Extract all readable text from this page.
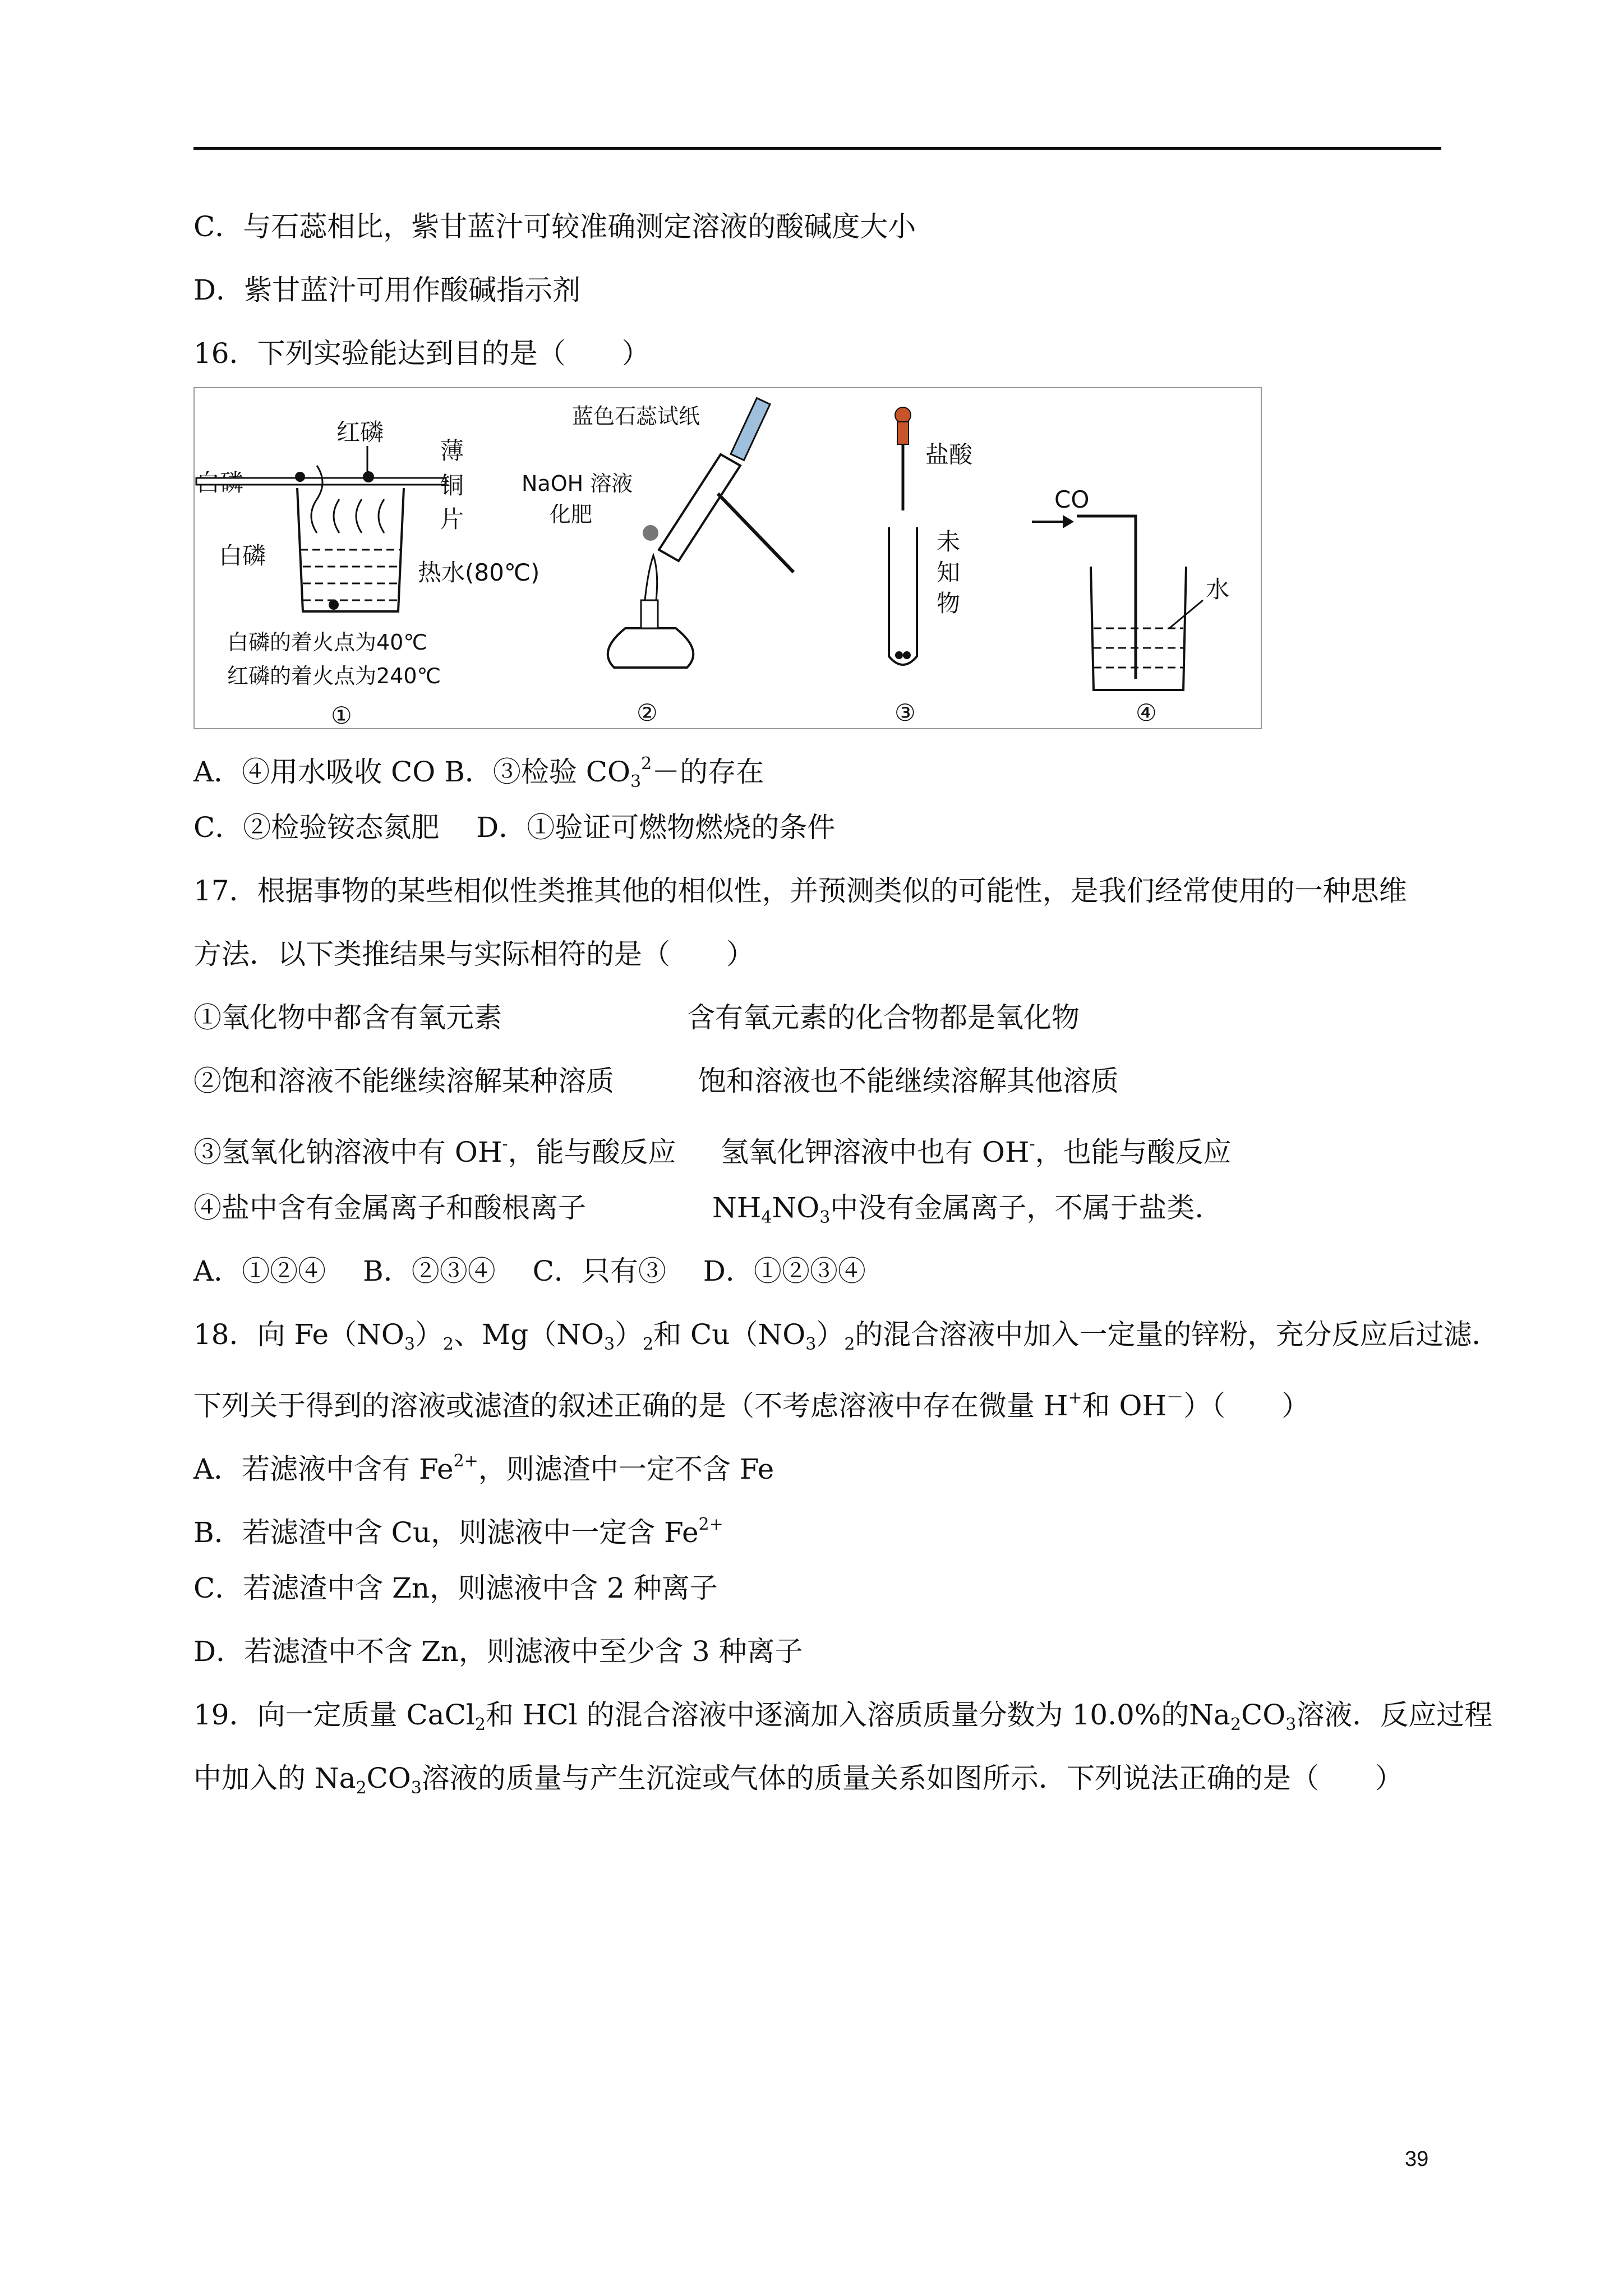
C．与石蕊相比，紫甘蓝汁可较准确测定溶液的酸碱度大小
D．紫甘蓝汁可用作酸碱指示剂
16．下列实验能达到目的是（　　）
红磷
薄
铜
片
白磷
热水(80℃)
白磷的着火点为40℃
红磷的着火点为240℃
①
蓝色石蕊试纸
NaOH 溶液
化肥
②
盐酸
未
知
物
③
CO
水
④
A．④用水吸收 CO B．③检验 $CO_3^2-$的存在
C．②检验铵态氮肥　 D．①验证可燃物燃烧的条件
17．根据事物的某些相似性类推其他的相似性，并预测类似的可能性，是我们经常使用的一种思维
方法．以下类推结果与实际相符的是（　　）
①氧化物中都含有氧元素	含有氧元素的化合物都是氧化物
②饱和溶液不能继续溶解某种溶质	饱和溶液也不能继续溶解其他溶质
③氢氧化钠溶液中有 OH-，能与酸反应 氢氧化钾溶液中也有 OH-，也能与酸反应
④盐中含有金属离子和酸根离子	$NH_4NO_3$中没有金属离子，不属于盐类.
A．①②④　 B．②③④　 C．只有③　 D．①②③④
18．向 $Fe(NO_3)_2$、$Mg(NO_3)_2$和 $Cu(NO_3)_2$的混合溶液中加入一定量的锌粉，充分反应后过滤．
下列关于得到的溶液或滤渣的叙述正确的是（不考虑溶液中存在微量 H+和 OH－）（　　）
A．若滤液中含有 $Fe^{2+}$，则滤渣中一定不含 Fe
B．若滤渣中含 Cu，则滤液中一定含 $Fe^{2+}$
C．若滤渣中含 Zn，则滤液中含 2 种离子
D．若滤渣中不含 Zn，则滤液中至少含 3 种离子
19．向一定质量 CaCl$_2$和 HCl 的混合溶液中逐滴加入溶质质量分数为 10.0%的$Na_2CO_3$溶液．反应过程
中加入的 $Na_2CO_3$溶液的质量与产生沉淀或气体的质量关系如图所示．下列说法正确的是（　　）
39
